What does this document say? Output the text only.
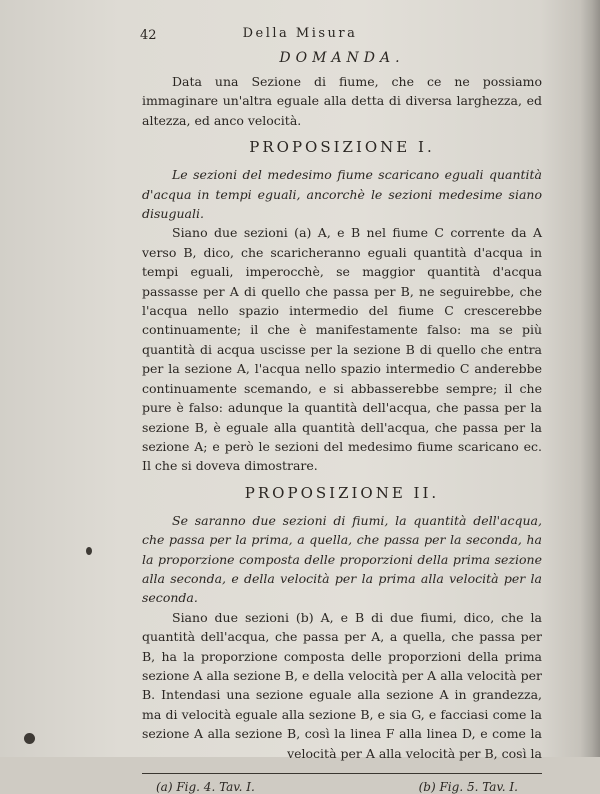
42	Della Misura
DOMANDA.

Data una Sezione di fiume, che ce ne possiamo immaginare un'altra eguale alla detta di diversa larghezza, ed altezza, ed anco velocità.

PROPOSIZIONE I.

Le sezioni del medesimo fiume scaricano eguali quantità d'acqua in tempi eguali, ancorchè le sezioni medesime siano disuguali.

Siano due sezioni (a) A, e B nel fiume C corrente da A verso B, dico, che scaricheranno eguali quantità d'acqua in tempi eguali, imperocchè, se maggior quantità d'acqua passasse per A di quello che passa per B, ne seguirebbe, che l'acqua nello spazio intermedio del fiume C crescerebbe continuamente; il che è manifestamente falso: ma se più quantità di acqua uscisse per la sezione B di quello che entra per la sezione A, l'acqua nello spazio intermedio C anderebbe continuamente scemando, e si abbasserebbe sempre; il che pure è falso: adunque la quantità dell'acqua, che passa per la sezione B, è eguale alla quantità dell'acqua, che passa per la sezione A; e però le sezioni del medesimo fiume scaricano ec. Il che si doveva dimostrare.

PROPOSIZIONE II.

Se saranno due sezioni di fiumi, la quantità dell'acqua, che passa per la prima, a quella, che passa per la seconda, ha la proporzione composta delle proporzioni della prima sezione alla seconda, e della velocità per la prima alla velocità per la seconda.

Siano due sezioni (b) A, e B di due fiumi, dico, che la quantità dell'acqua, che passa per A, a quella, che passa per B, ha la proporzione composta delle proporzioni della prima sezione A alla sezione B, e della velocità per A alla velocità per B. Intendasi una sezione eguale alla sezione A in grandezza, ma di velocità eguale alla sezione B, e sia G, e facciasi come la sezione A alla sezione B, così la linea F alla linea D, e come la velocità per A alla velocità per B, così la

(a) Fig. 4. Tav. I.	(b) Fig. 5. Tav. I.
